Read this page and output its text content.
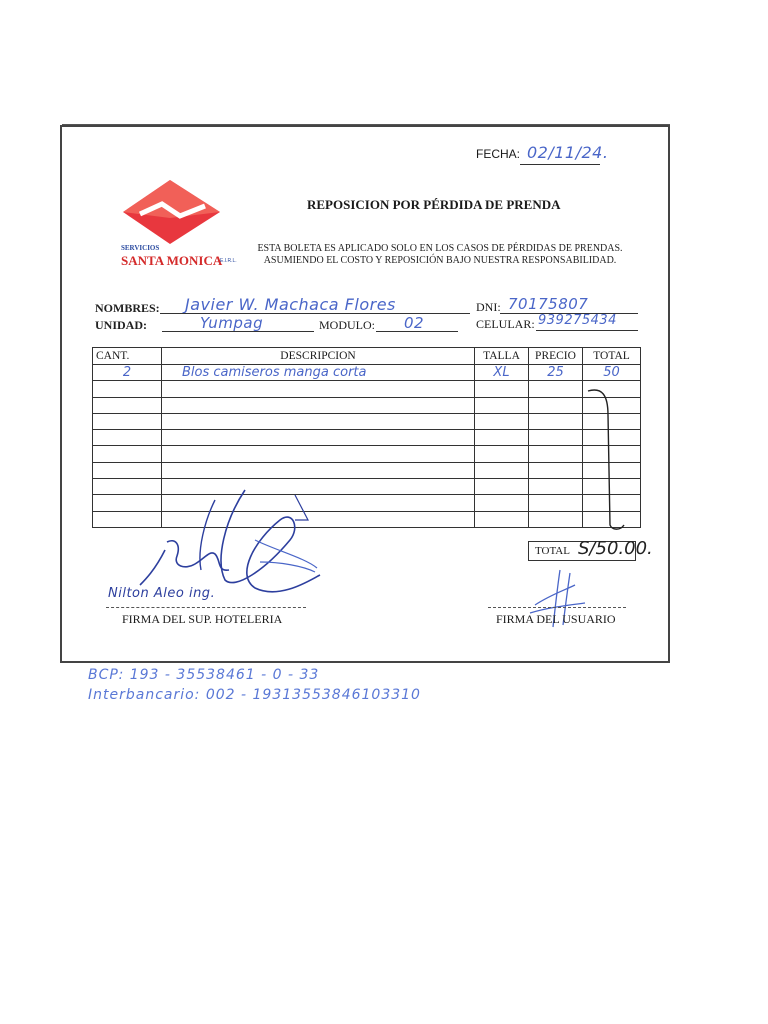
SERVICIOS
SANTA MONICA
E.I.R.L.
FECHA: 02/11/24.
REPOSICION POR PÉRDIDA DE PRENDA
ESTA BOLETA ES APLICADO SOLO EN LOS CASOS DE PÉRDIDAS DE PRENDAS.
ASUMIENDO EL COSTO Y REPOSICIÓN BAJO NUESTRA RESPONSABILIDAD.
NOMBRES: Javier W. Machaca Flores	DNI: 70175807
UNIDAD:	Yumpag	MODULO: 02	CELULAR: 939275434
CANT.	DESCRIPCION	TALLA	PRECIO	TOTAL
2	Blos camiseros manga corta	XL	25	50

TOTAL S/50.00.
Nilton Aleo ing.
FIRMA DEL SUP. HOTELERIA	FIRMA DEL USUARIO
BCP: 193 - 35538461 - 0 - 33
Interbancario: 002 - 19313553846103310
